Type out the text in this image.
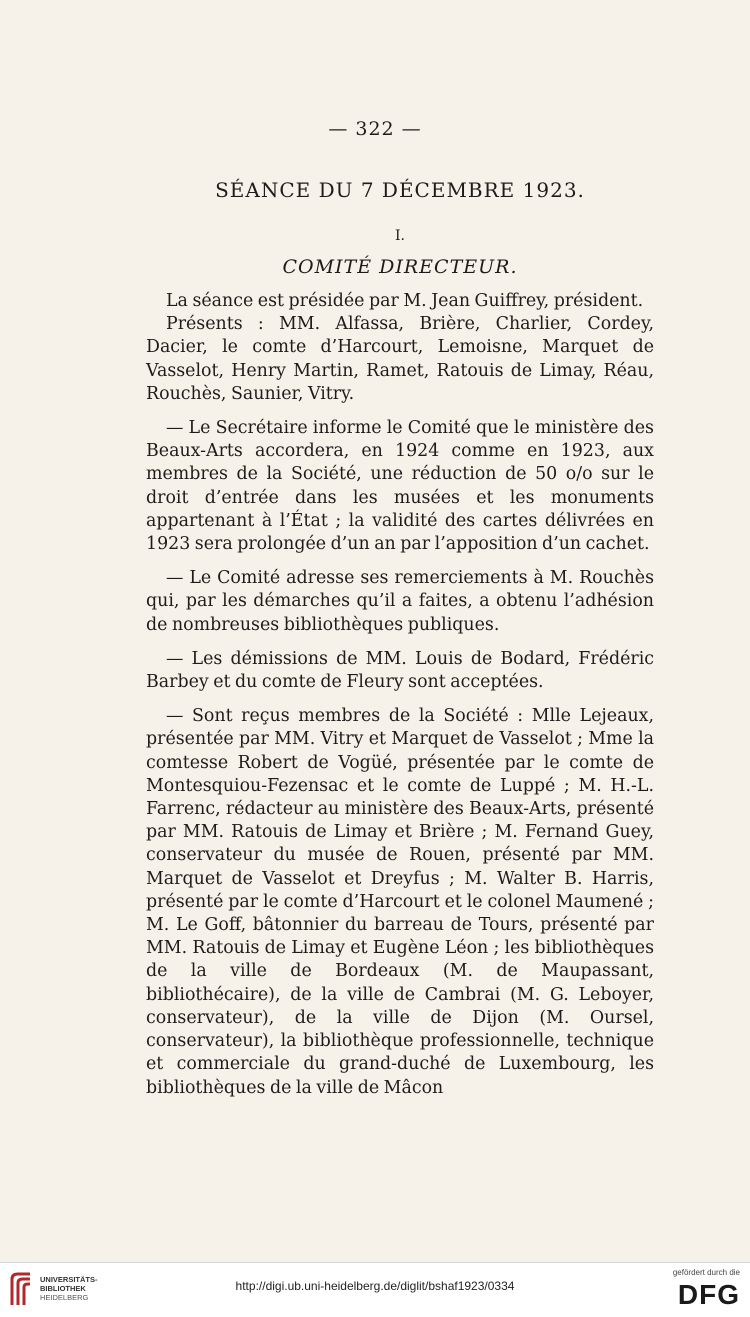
— 322 —
SÉANCE DU 7 DÉCEMBRE 1923.
I.
COMITÉ DIRECTEUR.

La séance est présidée par M. Jean Guiffrey, président.

Présents : MM. Alfassa, Brière, Charlier, Cordey, Dacier, le comte d’Harcourt, Lemoisne, Marquet de Vasselot, Henry Martin, Ramet, Ratouis de Limay, Réau, Rouchès, Saunier, Vitry.

— Le Secrétaire informe le Comité que le ministère des Beaux-Arts accordera, en 1924 comme en 1923, aux membres de la Société, une réduction de 50 o/o sur le droit d’entrée dans les musées et les monuments appartenant à l’État ; la validité des cartes délivrées en 1923 sera prolongée d’un an par l’apposition d’un cachet.

— Le Comité adresse ses remerciements à M. Rouchès qui, par les démarches qu’il a faites, a obtenu l’adhésion de nombreuses bibliothèques publiques.

— Les démissions de MM. Louis de Bodard, Frédéric Barbey et du comte de Fleury sont acceptées.

— Sont reçus membres de la Société : Mlle Lejeaux, présentée par MM. Vitry et Marquet de Vasselot ; Mme la comtesse Robert de Vogüé, présentée par le comte de Montesquiou-Fezensac et le comte de Luppé ; M. H.-L. Farrenc, rédacteur au ministère des Beaux-Arts, présenté par MM. Ratouis de Limay et Brière ; M. Fernand Guey, conservateur du musée de Rouen, présenté par MM. Marquet de Vasselot et Dreyfus ; M. Walter B. Harris, présenté par le comte d’Harcourt et le colonel Maumené ; M. Le Goff, bâtonnier du barreau de Tours, présenté par MM. Ratouis de Limay et Eugène Léon ; les bibliothèques de la ville de Bordeaux (M. de Maupassant, bibliothécaire), de la ville de Cambrai (M. G. Leboyer, conservateur), de la ville de Dijon (M. Oursel, conservateur), la bibliothèque professionnelle, technique et commerciale du grand-duché de Luxembourg, les bibliothèques de la ville de Mâcon

UNIVERSITÄTS-
BIBLIOTHEK
HEIDELBERG
http://digi.ub.uni-heidelberg.de/diglit/bshaf1923/0334
gefördert durch die
DFG
